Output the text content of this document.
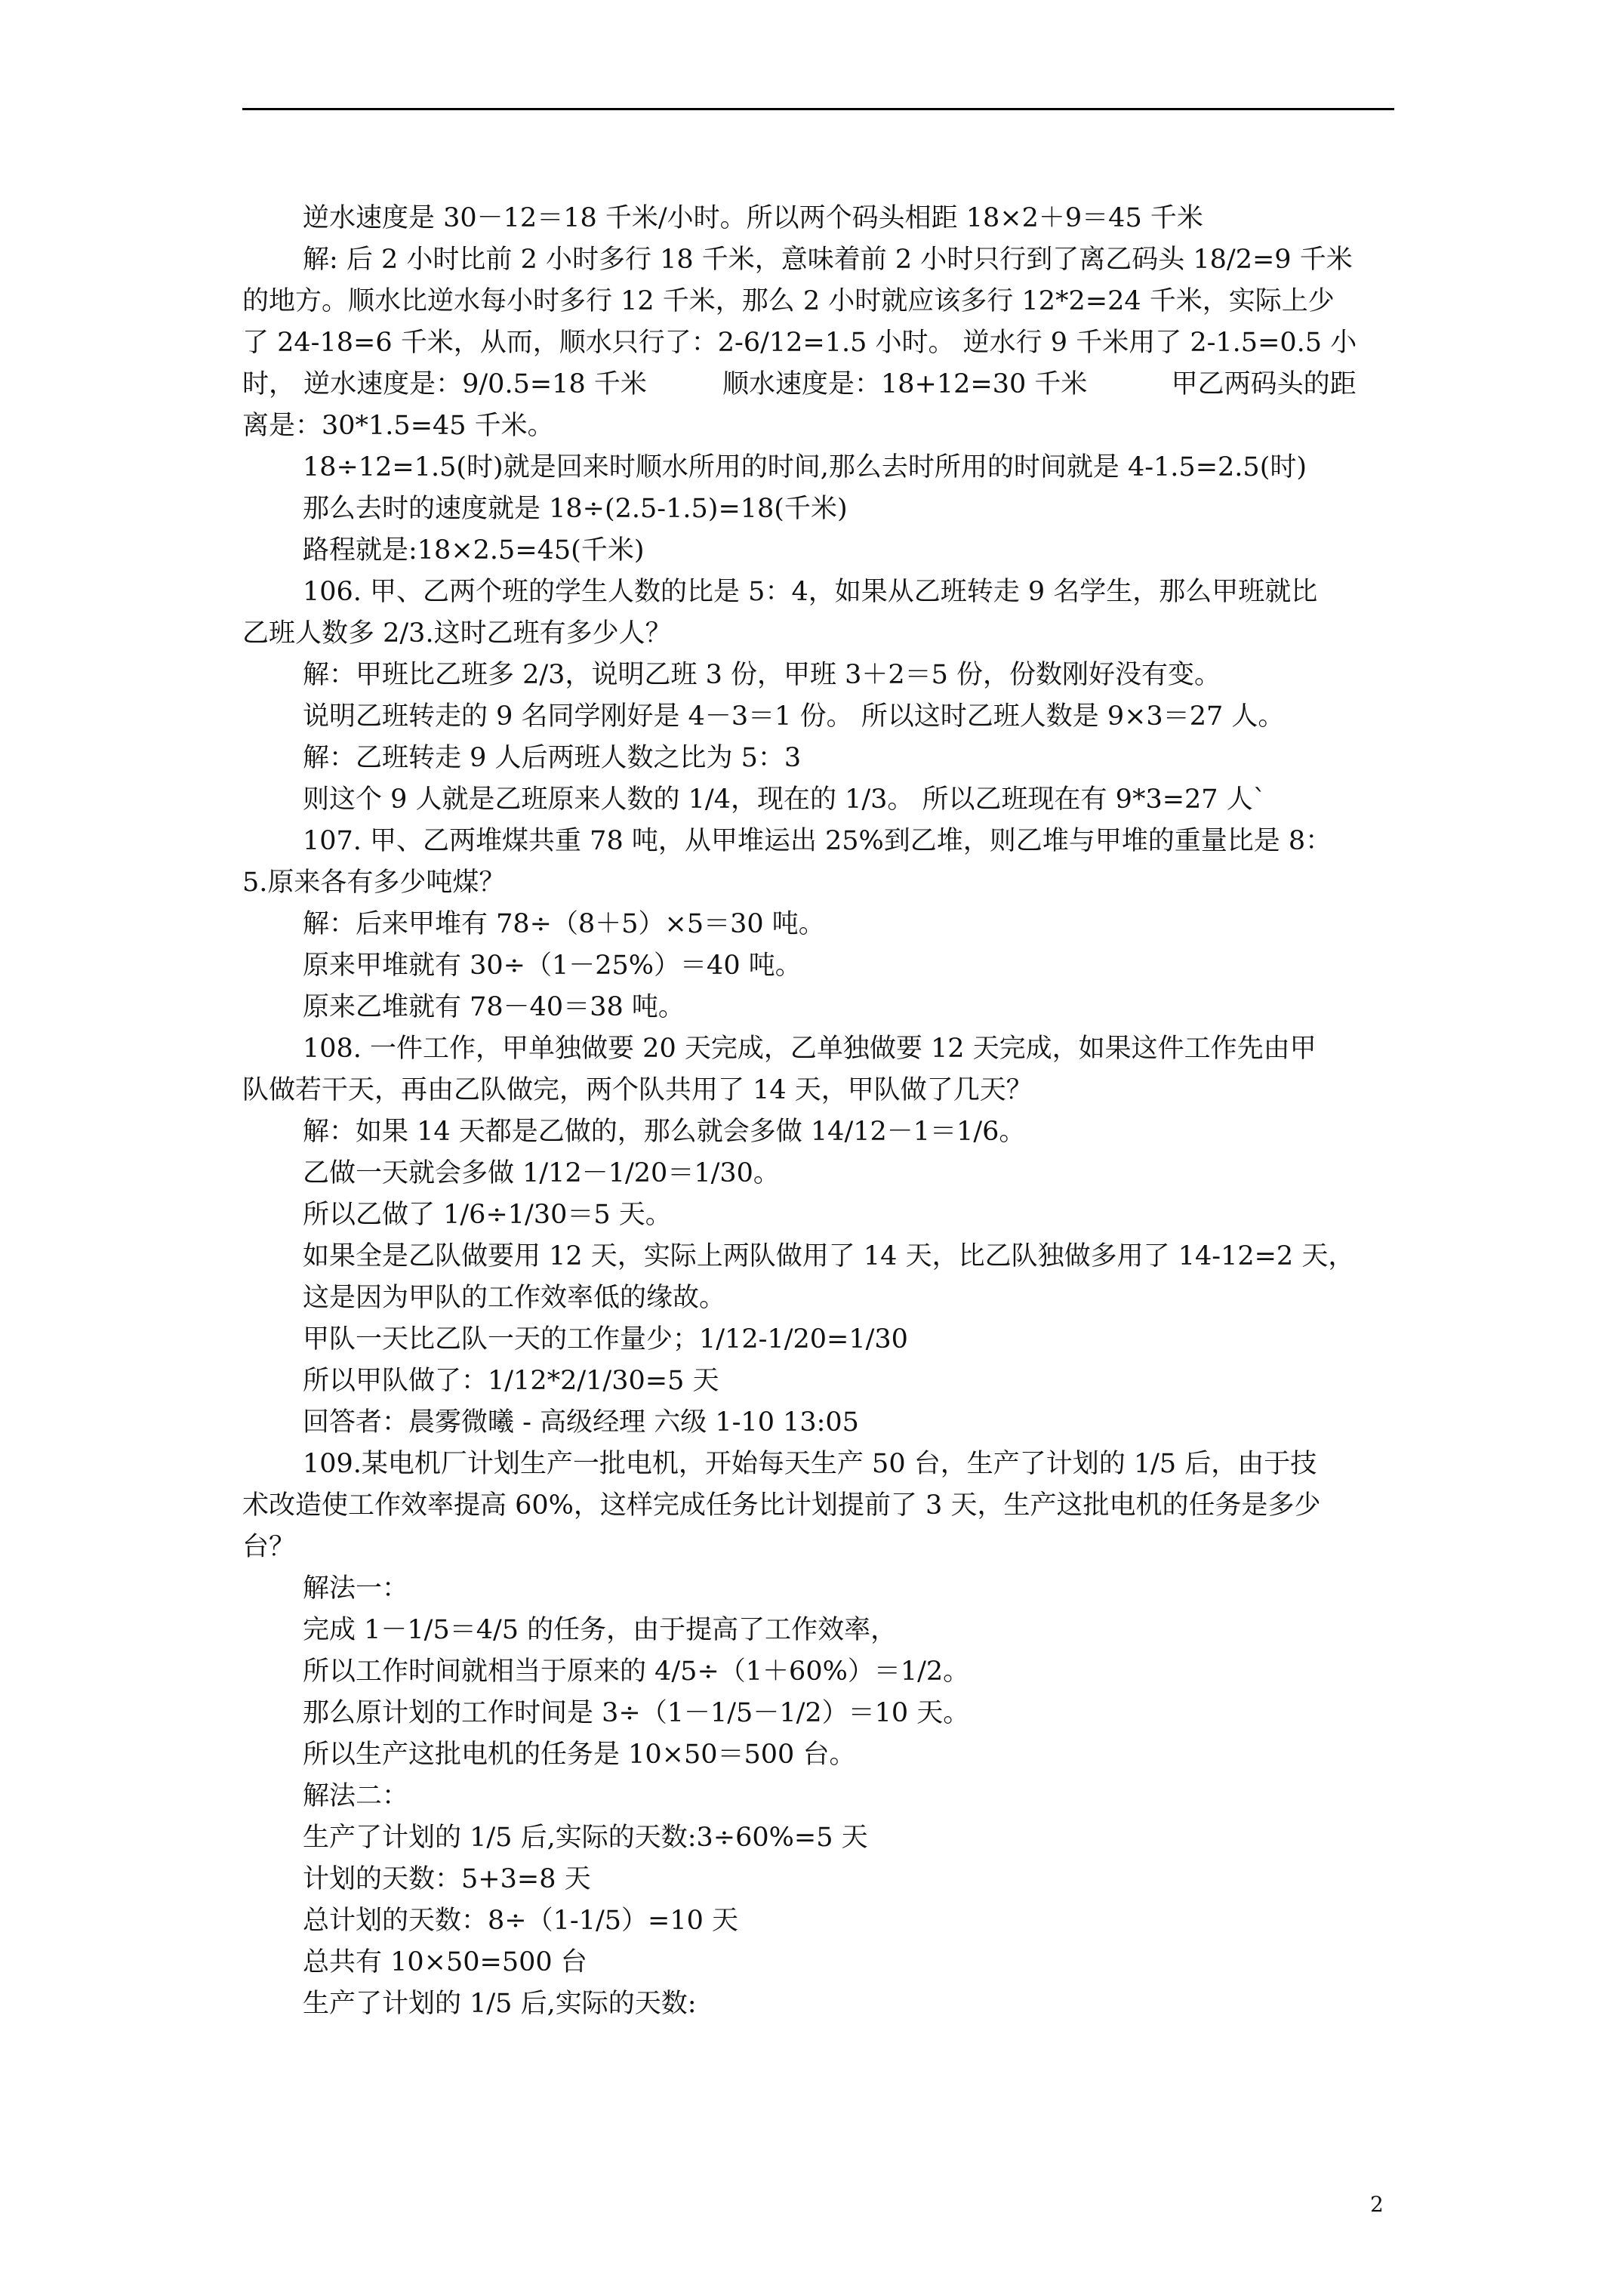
逆水速度是 30－12＝18 千米/小时。所以两个码头相距 18×2＋9＝45 千米
解: 后 2 小时比前 2 小时多行 18 千米，意味着前 2 小时只行到了离乙码头 18/2=9 千米
的地方。顺水比逆水每小时多行 12 千米，那么 2 小时就应该多行 12*2=24 千米，实际上少
了 24-18=6 千米，从而，顺水只行了：2-6/12=1.5 小时。 逆水行 9 千米用了 2-1.5=0.5 小
时， 逆水速度是：9/0.5=18 千米         顺水速度是：18+12=30 千米          甲乙两码头的距
离是：30*1.5=45 千米。
18÷12=1.5(时)就是回来时顺水所用的时间,那么去时所用的时间就是 4-1.5=2.5(时)
那么去时的速度就是 18÷(2.5-1.5)=18(千米)
路程就是:18×2.5=45(千米)
106. 甲、乙两个班的学生人数的比是 5：4，如果从乙班转走 9 名学生，那么甲班就比
乙班人数多 2/3.这时乙班有多少人？
解：甲班比乙班多 2/3，说明乙班 3 份，甲班 3＋2＝5 份，份数刚好没有变。
说明乙班转走的 9 名同学刚好是 4－3＝1 份。 所以这时乙班人数是 9×3＝27 人。
解：乙班转走 9 人后两班人数之比为 5：3
则这个 9 人就是乙班原来人数的 1/4，现在的 1/3。 所以乙班现在有 9*3=27 人`
107. 甲、乙两堆煤共重 78 吨，从甲堆运出 25%到乙堆，则乙堆与甲堆的重量比是 8：
5.原来各有多少吨煤？
解：后来甲堆有 78÷（8＋5）×5＝30 吨。
原来甲堆就有 30÷（1－25%）＝40 吨。
原来乙堆就有 78－40＝38 吨。
108. 一件工作，甲单独做要 20 天完成，乙单独做要 12 天完成，如果这件工作先由甲
队做若干天，再由乙队做完，两个队共用了 14 天，甲队做了几天？
解：如果 14 天都是乙做的，那么就会多做 14/12－1＝1/6。
乙做一天就会多做 1/12－1/20＝1/30。
所以乙做了 1/6÷1/30＝5 天。
如果全是乙队做要用 12 天，实际上两队做用了 14 天，比乙队独做多用了 14-12=2 天，
这是因为甲队的工作效率低的缘故。
甲队一天比乙队一天的工作量少；1/12-1/20=1/30
所以甲队做了：1/12*2/1/30=5 天
回答者：晨雾微曦 - 高级经理 六级 1-10 13:05
109.某电机厂计划生产一批电机，开始每天生产 50 台，生产了计划的 1/5 后，由于技
术改造使工作效率提高 60%，这样完成任务比计划提前了 3 天，生产这批电机的任务是多少
台？
解法一：
完成 1－1/5＝4/5 的任务，由于提高了工作效率，
所以工作时间就相当于原来的 4/5÷（1＋60%）＝1/2。
那么原计划的工作时间是 3÷（1－1/5－1/2）＝10 天。
所以生产这批电机的任务是 10×50＝500 台。
解法二：
生产了计划的 1/5 后,实际的天数:3÷60%=5 天
计划的天数：5+3=8 天
总计划的天数：8÷（1-1/5）=10 天
总共有 10×50=500 台
生产了计划的 1/5 后,实际的天数:
2
